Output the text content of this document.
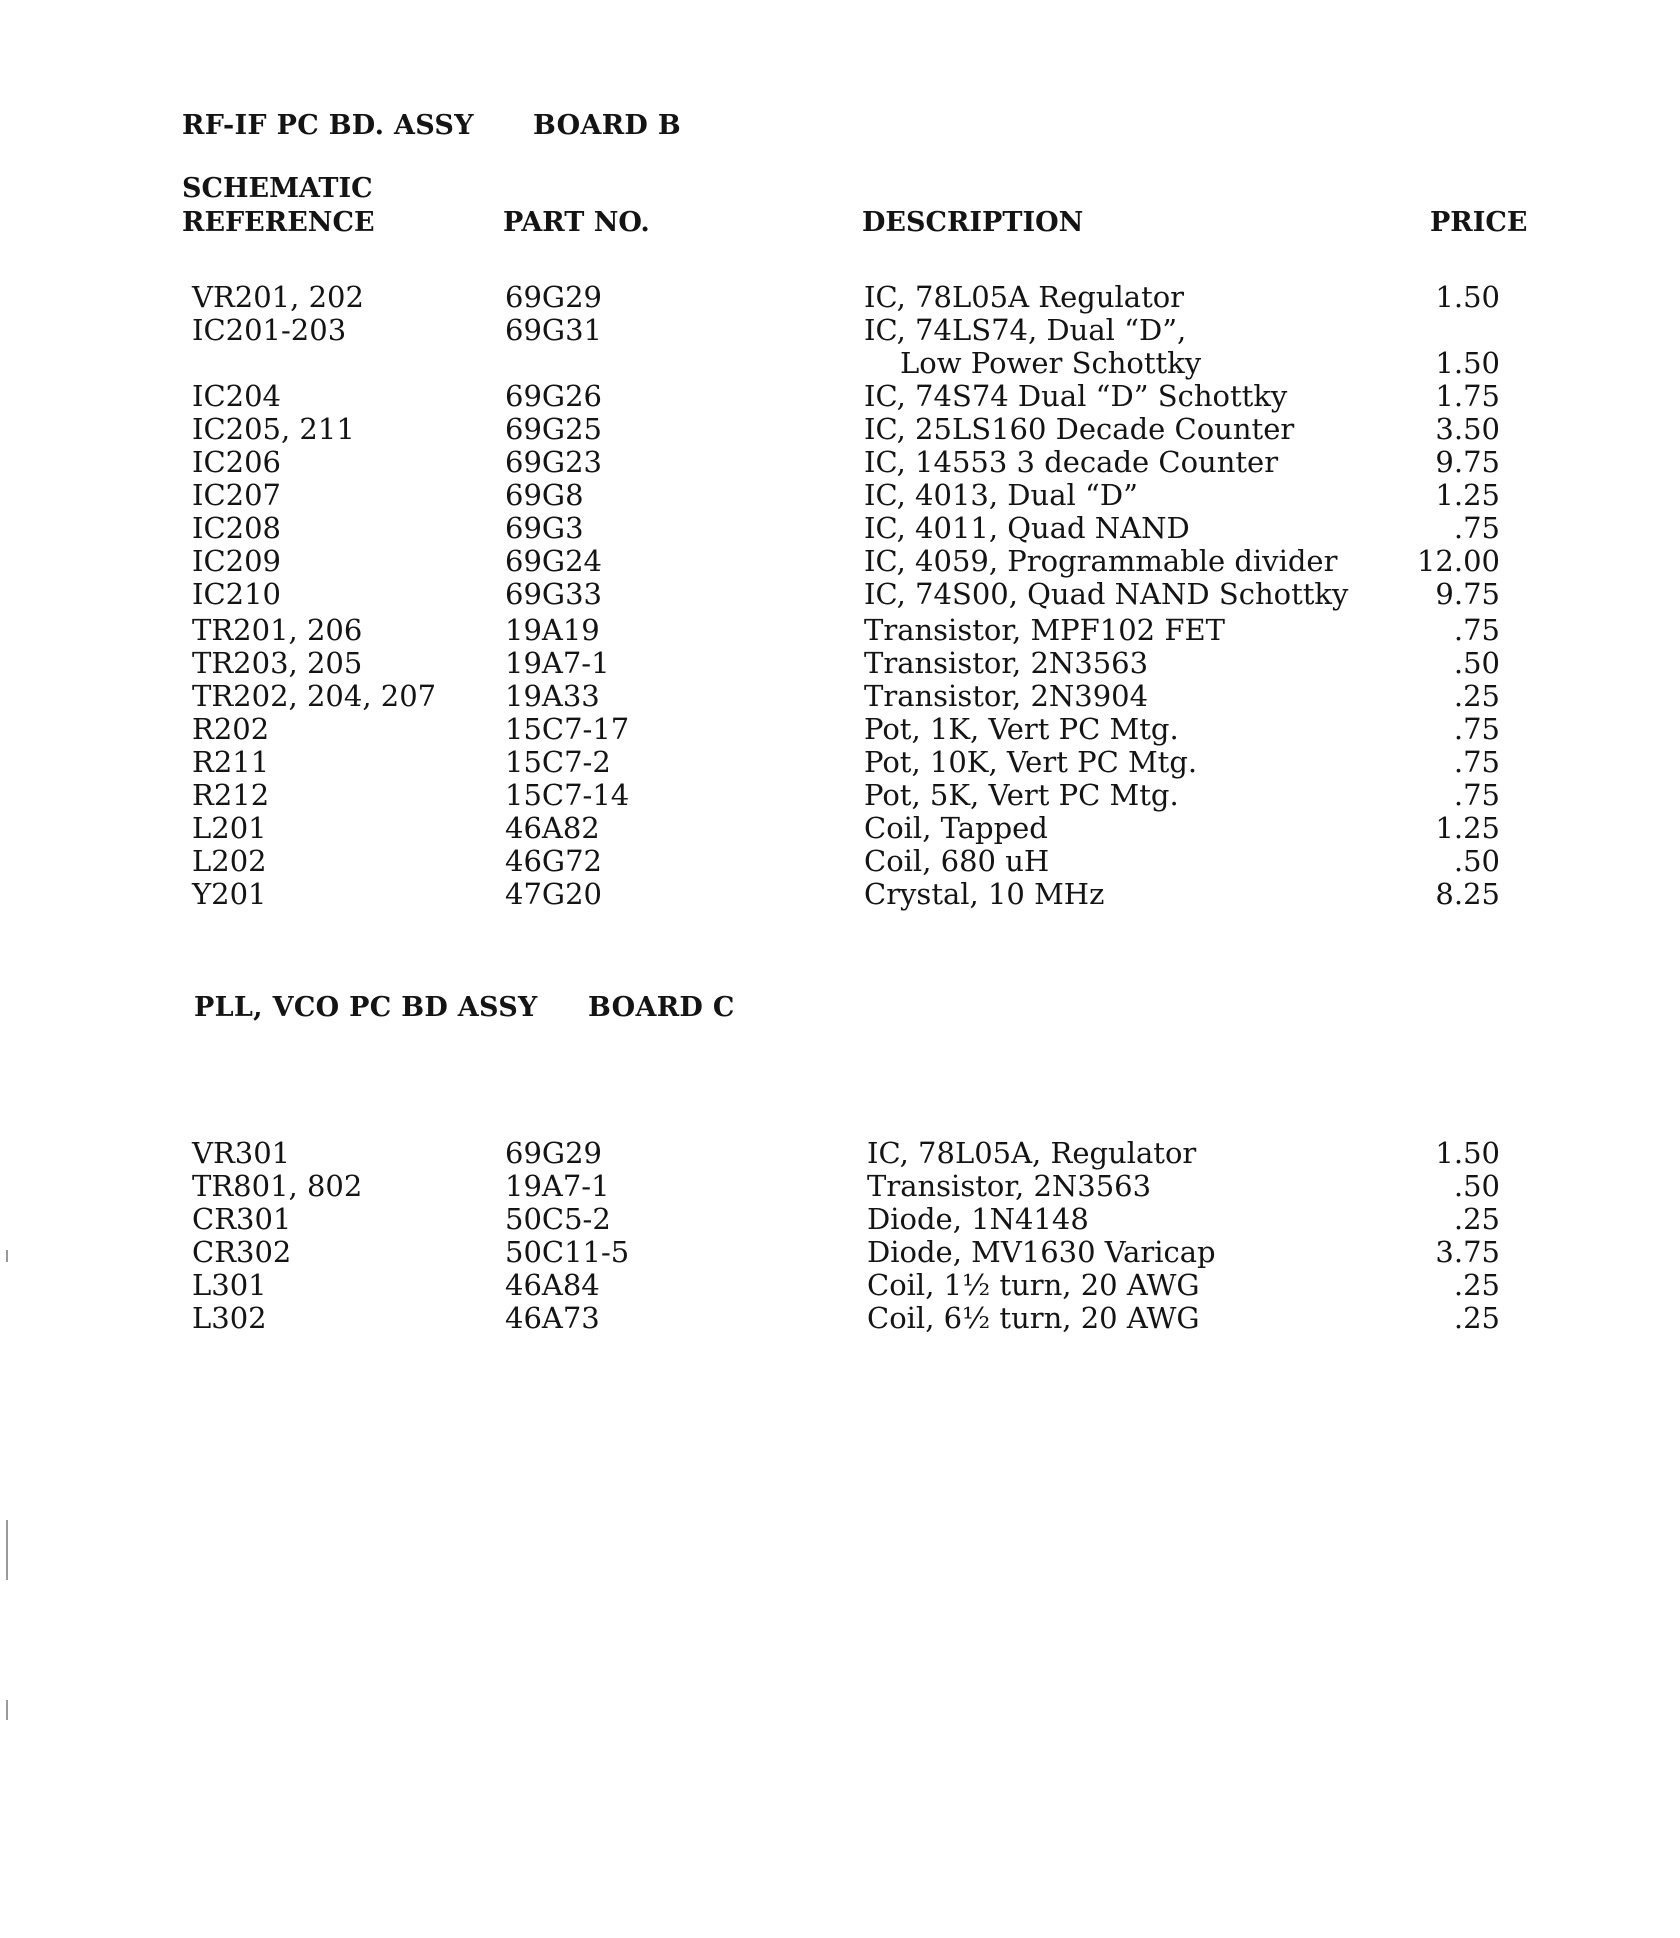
RF-IF PC BD. ASSY BOARD B
SCHEMATIC
REFERENCE	PART NO.	DESCRIPTION	PRICE
VR201, 202	69G29	IC, 78L05A Regulator	1.50
IC201-203	69G31	IC, 74LS74, Dual “D”,
Low Power Schottky	1.50
IC204	69G26	IC, 74S74 Dual “D” Schottky	1.75
IC205, 211	69G25	IC, 25LS160 Decade Counter	3.50
IC206	69G23	IC, 14553 3 decade Counter	9.75
IC207	69G8	IC, 4013, Dual “D”	1.25
IC208	69G3	IC, 4011, Quad NAND	.75
IC209	69G24	IC, 4059, Programmable divider	12.00
IC210	69G33	IC, 74S00, Quad NAND Schottky	9.75
TR201, 206	19A19	Transistor, MPF102 FET	.75
TR203, 205	19A7-1	Transistor, 2N3563	.50
TR202, 204, 207 19A33	Transistor, 2N3904	.25
R202	15C7-17	Pot, 1K, Vert PC Mtg.	.75
R211	15C7-2	Pot, 10K, Vert PC Mtg.	.75
R212	15C7-14	Pot, 5K, Vert PC Mtg.	.75
L201	46A82	Coil, Tapped	1.25
L202	46G72	Coil, 680 uH	.50
Y201	47G20	Crystal, 10 MHz	8.25
PLL, VCO PC BD ASSY BOARD C
VR301	69G29	IC, 78L05A, Regulator	1.50
TR801, 802	19A7-1	Transistor, 2N3563	.50
CR301	50C5-2	Diode, 1N4148	.25
CR302	50C11-5	Diode, MV1630 Varicap	3.75
L301	46A84	Coil, 1½ turn, 20 AWG	.25
L302	46A73	Coil, 6½ turn, 20 AWG	.25
